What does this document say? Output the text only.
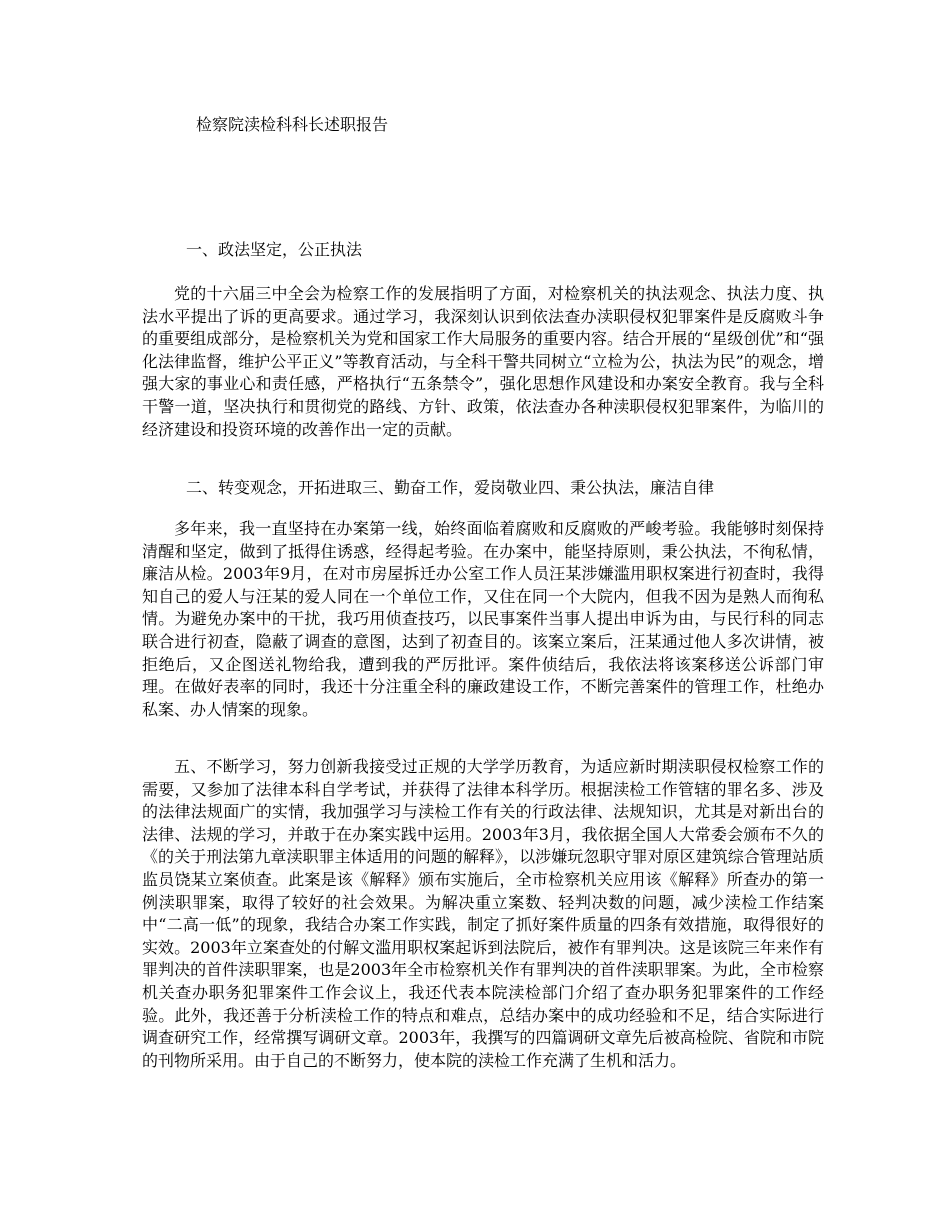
检察院渎检科科长述职报告
一、政法坚定，公正执法

党的十六届三中全会为检察工作的发展指明了方面，对检察机关的执法观念、执法力度、执法水平提出了诉的更高要求。通过学习，我深刻认识到依法查办渎职侵权犯罪案件是反腐败斗争的重要组成部分，是检察机关为党和国家工作大局服务的重要内容。结合开展的“星级创优”和“强化法律监督，维护公平正义”等教育活动，与全科干警共同树立“立检为公，执法为民”的观念，增强大家的事业心和责任感，严格执行“五条禁令”，强化思想作风建设和办案安全教育。我与全科干警一道，坚决执行和贯彻党的路线、方针、政策，依法查办各种渎职侵权犯罪案件，为临川的经济建设和投资环境的改善作出一定的贡献。

二、转变观念，开拓进取三、勤奋工作，爱岗敬业四、秉公执法，廉洁自律

多年来，我一直坚持在办案第一线，始终面临着腐败和反腐败的严峻考验。我能够时刻保持清醒和坚定，做到了抵得住诱惑，经得起考验。在办案中，能坚持原则，秉公执法，不徇私情，廉洁从检。2003年9月，在对市房屋拆迁办公室工作人员汪某涉嫌滥用职权案进行初查时，我得知自己的爱人与汪某的爱人同在一个单位工作，又住在同一个大院内，但我不因为是熟人而徇私情。为避免办案中的干扰，我巧用侦查技巧，以民事案件当事人提出申诉为由，与民行科的同志联合进行初查，隐蔽了调查的意图，达到了初查目的。该案立案后，汪某通过他人多次讲情，被拒绝后，又企图送礼物给我，遭到我的严厉批评。案件侦结后，我依法将该案移送公诉部门审理。在做好表率的同时，我还十分注重全科的廉政建设工作，不断完善案件的管理工作，杜绝办私案、办人情案的现象。

五、不断学习，努力创新我接受过正规的大学学历教育，为适应新时期渎职侵权检察工作的需要，又参加了法律本科自学考试，并获得了法律本科学历。根据渎检工作管辖的罪名多、涉及的法律法规面广的实情，我加强学习与渎检工作有关的行政法律、法规知识，尤其是对新出台的法律、法规的学习，并敢于在办案实践中运用。2003年3月，我依据全国人大常委会颁布不久的《的关于刑法第九章渎职罪主体适用的问题的解释》，以涉嫌玩忽职守罪对原区建筑综合管理站质监员饶某立案侦查。此案是该《解释》颁布实施后，全市检察机关应用该《解释》所查办的第一例渎职罪案，取得了较好的社会效果。为解决重立案数、轻判决数的问题，减少渎检工作结案中“二高一低”的现象，我结合办案工作实践，制定了抓好案件质量的四条有效措施，取得很好的实效。2003年立案查处的付解文滥用职权案起诉到法院后，被作有罪判决。这是该院三年来作有罪判决的首件渎职罪案，也是2003年全市检察机关作有罪判决的首件渎职罪案。为此，全市检察机关查办职务犯罪案件工作会议上，我还代表本院渎检部门介绍了查办职务犯罪案件的工作经验。此外，我还善于分析渎检工作的特点和难点，总结办案中的成功经验和不足，结合实际进行调查研究工作，经常撰写调研文章。2003年，我撰写的四篇调研文章先后被高检院、省院和市院的刊物所采用。由于自己的不断努力，使本院的渎检工作充满了生机和活力。
